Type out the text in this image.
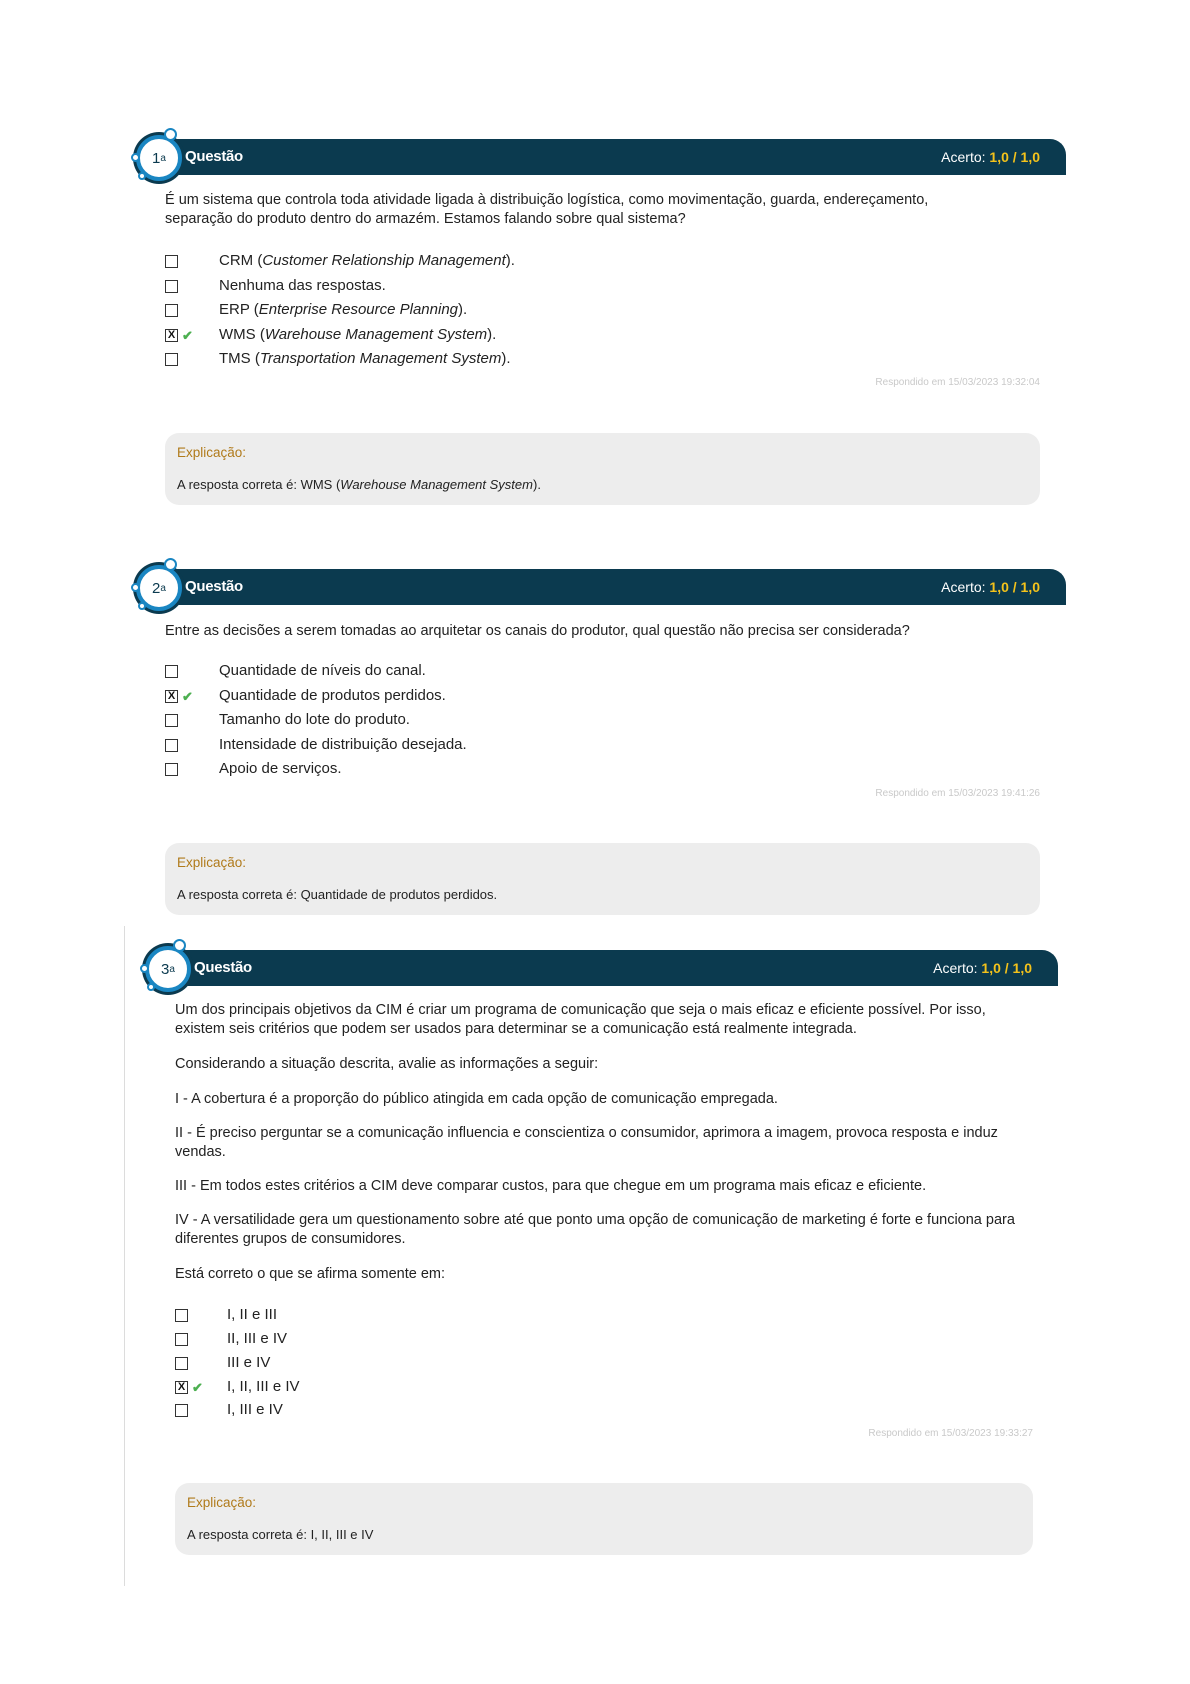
Questão	Acerto: 1,0 / 1,0
1 a
É um sistema que controla toda atividade ligada à distribuição logística, como movimentação, guarda, endereçamento, separação do produto dentro do armazém. Estamos falando sobre qual sistema?
CRM (Customer Relationship Management).
Nenhuma das respostas.
ERP (Enterprise Resource Planning).
X ✔ WMS (Warehouse Management System).
TMS (Transportation Management System).
Respondido em 15/03/2023 19:32:04
Explicação:
A resposta correta é: WMS (Warehouse Management System).
Questão	Acerto: 1,0 / 1,0
2 a
Entre as decisões a serem tomadas ao arquitetar os canais do produtor, qual questão não precisa ser considerada?
Quantidade de níveis do canal.
X ✔ Quantidade de produtos perdidos.
Tamanho do lote do produto.
Intensidade de distribuição desejada.
Apoio de serviços.
Respondido em 15/03/2023 19:41:26
Explicação:
A resposta correta é: Quantidade de produtos perdidos.
Questão	Acerto: 1,0 / 1,0
3 a
Um dos principais objetivos da CIM é criar um programa de comunicação que seja o mais eficaz e eficiente possível. Por isso, existem seis critérios que podem ser usados para determinar se a comunicação está realmente integrada.
Considerando a situação descrita, avalie as informações a seguir:
I - A cobertura é a proporção do público atingida em cada opção de comunicação empregada.
II - É preciso perguntar se a comunicação influencia e conscientiza o consumidor, aprimora a imagem, provoca resposta e induz vendas.
III - Em todos estes critérios a CIM deve comparar custos, para que chegue em um programa mais eficaz e eficiente.
IV - A versatilidade gera um questionamento sobre até que ponto uma opção de comunicação de marketing é forte e funciona para diferentes grupos de consumidores.
Está correto o que se afirma somente em:
I, II e III
II, III e IV
III e IV
X ✔ I, II, III e IV
I, III e IV
Respondido em 15/03/2023 19:33:27
Explicação:
A resposta correta é: I, II, III e IV
